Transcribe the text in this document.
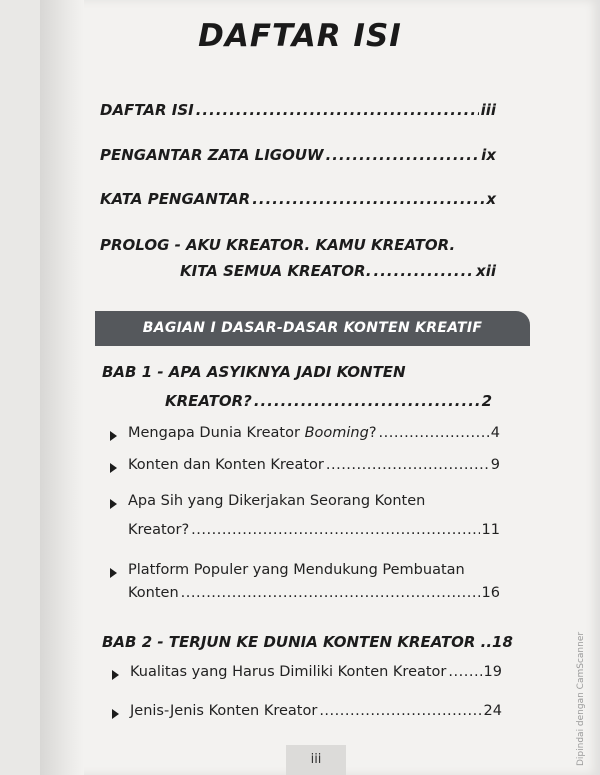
DAFTAR ISI
DAFTAR ISI .....	iii
PENGANTAR ZATA LIGOUW .....	ix
KATA PENGANTAR .....	x
PROLOG - AKU KREATOR. KAMU KREATOR.
KITA SEMUA KREATOR. .....	xii
BAGIAN I DASAR-DASAR KONTEN KREATIF
BAB 1 - APA ASYIKNYA JADI KONTEN
KREATOR? .....	2
Mengapa Dunia Kreator Booming? .....	4
Konten dan Konten Kreator .....	9
Apa Sih yang Dikerjakan Seorang Konten
Kreator? .....	11
Platform Populer yang Mendukung Pembuatan
Konten .....	16
BAB 2 - TERJUN KE DUNIA KONTEN KREATOR .. 18
Kualitas yang Harus Dimiliki Konten Kreator .....	19
Jenis-Jenis Konten Kreator .....	24
iii	Dipindai dengan CamScanner
